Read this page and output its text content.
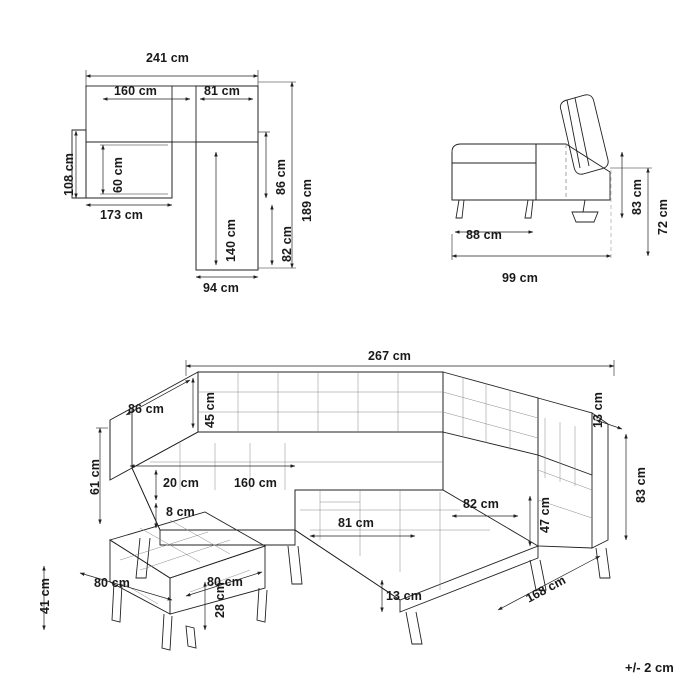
241 cm
160 cm	81 cm
108 cm	60 cm
173 cm
140 cm
86 cm
189 cm
82 cm
94 cm
88 cm
99 cm
83 cm
72 cm
267 cm
86 cm	13 cm
45 cm
61 cm	20 cm	160 cm
8 cm
81 cm
82 cm	47 cm
83 cm
13 cm	168 cm
80 cm	80 cm
41 cm	28 cm
+/- 2 cm
